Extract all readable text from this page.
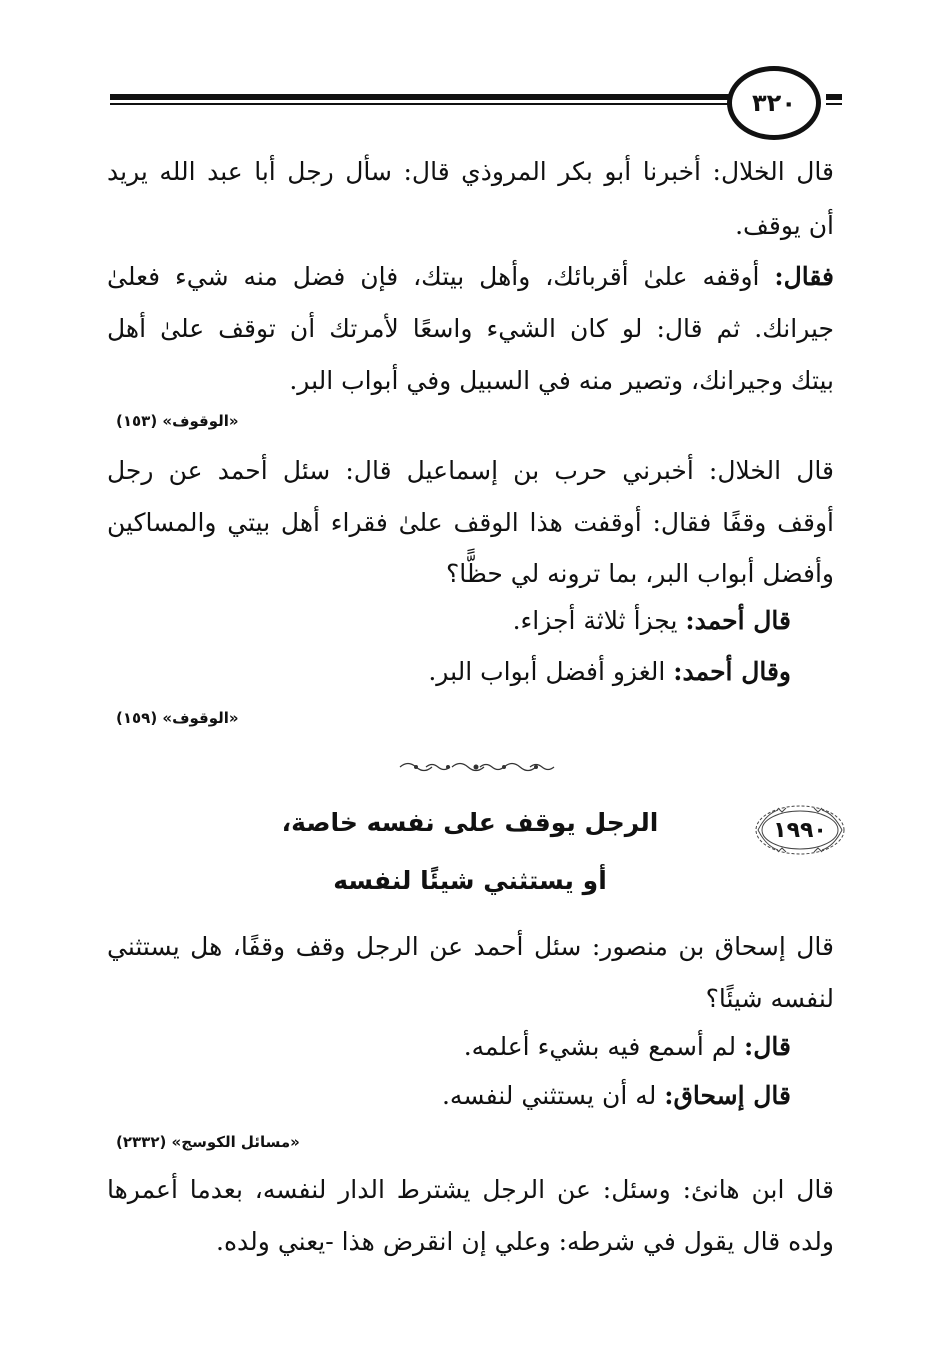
٣٢٠
قال الخلال: أخبرنا أبو بكر المروذي قال: سأل رجل أبا عبد الله يريد
أن يوقف.
فقال: أوقفه علىٰ أقربائك، وأهل بيتك، فإن فضل منه شيء فعلىٰ
جيرانك. ثم قال: لو كان الشيء واسعًا لأمرتك أن توقف علىٰ أهل
بيتك وجيرانك، وتصير منه في السبيل وفي أبواب البر.
«الوقوف» (١٥٣)
قال الخلال: أخبرني حرب بن إسماعيل قال: سئل أحمد عن رجل
أوقف وقفًا فقال: أوقفت هذا الوقف علىٰ فقراء أهل بيتي والمساكين
وأفضل أبواب البر، بما ترونه لي حظًّا؟
قال أحمد: يجزأ ثلاثة أجزاء.
وقال أحمد: الغزو أفضل أبواب البر.
«الوقوف» (١٥٩)
١٩٩٠
الرجل يوقف على نفسه خاصة،
أو يستثني شيئًا لنفسه
قال إسحاق بن منصور: سئل أحمد عن الرجل وقف وقفًا، هل يستثني
لنفسه شيئًا؟
قال: لم أسمع فيه بشيء أعلمه.
قال إسحاق: له أن يستثني لنفسه.
«مسائل الكوسج» (٢٣٣٢)
قال ابن هانئ: وسئل: عن الرجل يشترط الدار لنفسه، بعدما أعمرها
ولده قال يقول في شرطه: وعلي إن انقرض هذا -يعني ولده.
